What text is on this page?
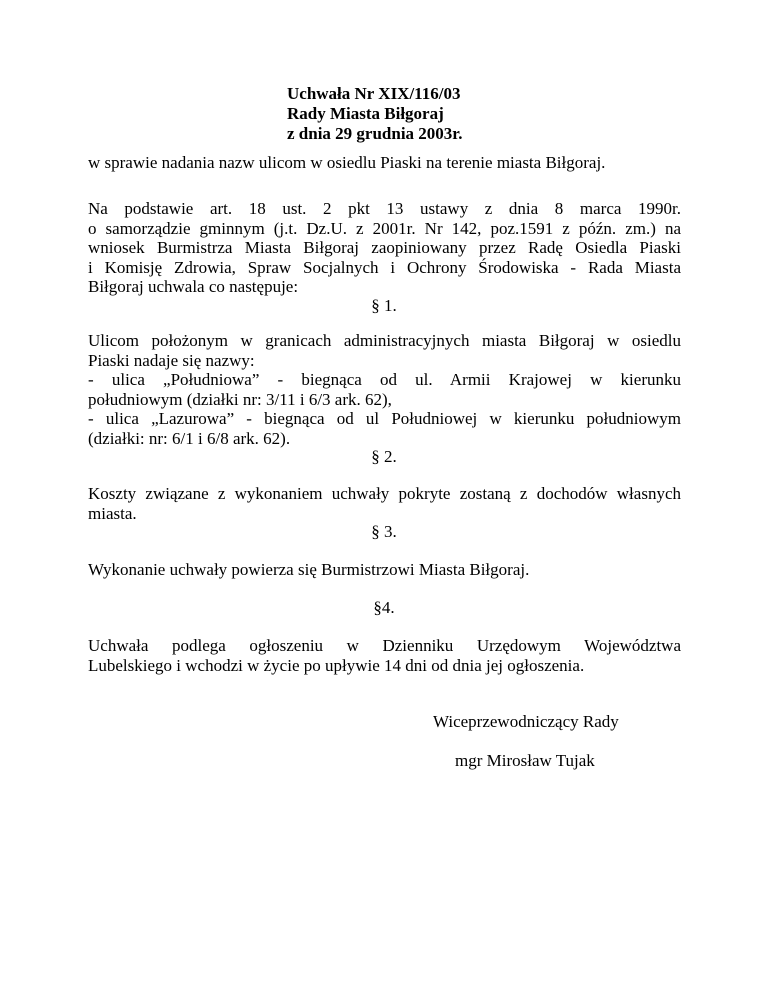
Uchwała Nr XIX/116/03
Rady Miasta Biłgoraj
z dnia 29 grudnia 2003r.
w sprawie nadania nazw ulicom w osiedlu Piaski na terenie miasta Biłgoraj.
Na podstawie art. 18 ust. 2 pkt 13 ustawy z dnia 8 marca 1990r.
o samorządzie gminnym (j.t. Dz.U. z 2001r. Nr 142, poz.1591 z późn. zm.) na
wniosek Burmistrza Miasta Biłgoraj zaopiniowany przez Radę Osiedla Piaski
i Komisję Zdrowia, Spraw Socjalnych i Ochrony Środowiska - Rada Miasta
Biłgoraj uchwala co następuje:
§ 1.
Ulicom położonym w granicach administracyjnych miasta Biłgoraj w osiedlu
Piaski nadaje się nazwy:
- ulica „Południowa” - biegnąca od ul. Armii Krajowej w kierunku
południowym (działki nr: 3/11 i 6/3 ark. 62),
- ulica „Lazurowa” - biegnąca od ul Południowej w kierunku południowym
(działki: nr: 6/1 i 6/8 ark. 62).
§ 2.
Koszty związane z wykonaniem uchwały pokryte zostaną z dochodów własnych
miasta.
§ 3.
Wykonanie uchwały powierza się Burmistrzowi Miasta Biłgoraj.
§4.
Uchwała podlega ogłoszeniu w Dzienniku Urzędowym Województwa
Lubelskiego i wchodzi w życie po upływie 14 dni od dnia jej ogłoszenia.
Wiceprzewodniczący Rady
mgr Mirosław Tujak
